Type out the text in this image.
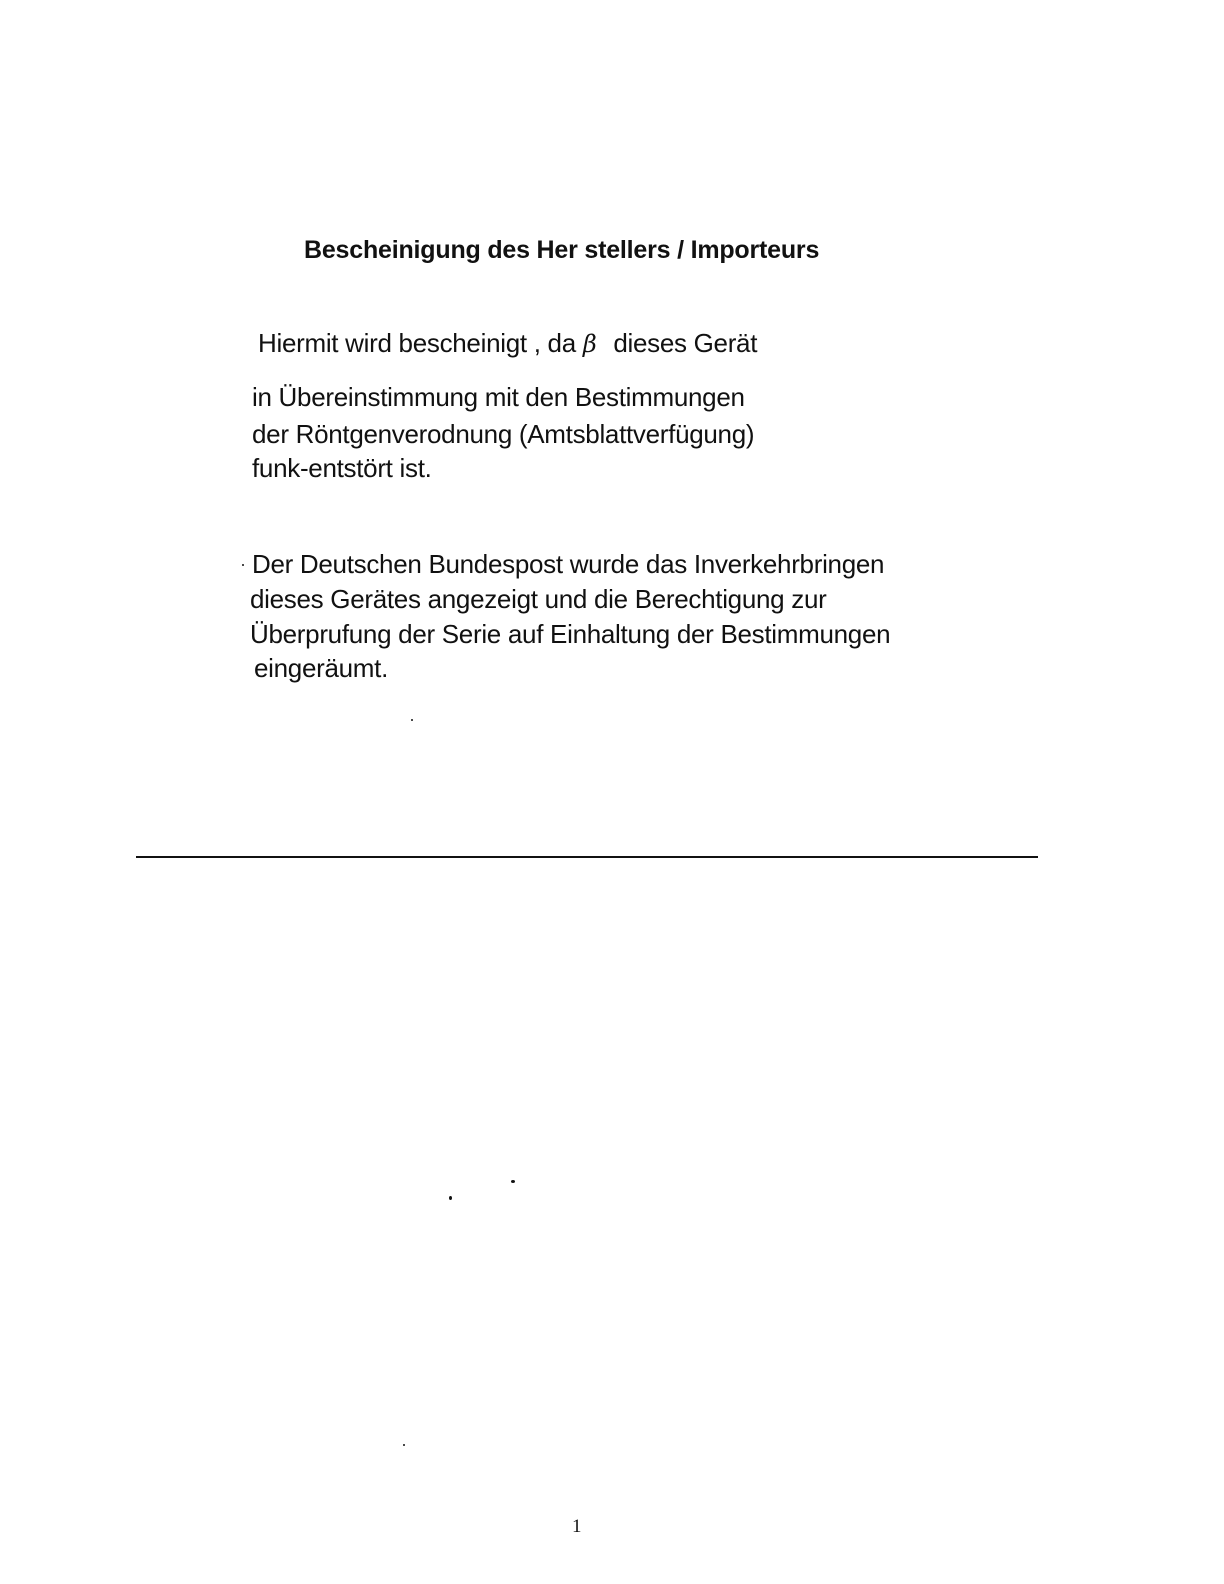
Bescheinigung des Her stellers / Importeurs
Hiermit wird bescheinigt , da β dieses Gerät
in Übereinstimmung mit den Bestimmungen
der Röntgenverodnung (Amtsblattverfügung)
funk-entstört ist.
Der Deutschen Bundespost wurde das Inverkehrbringen
dieses Gerätes angezeigt und die Berechtigung zur
Überprufung der Serie auf Einhaltung der Bestimmungen
eingeräumt.
1
